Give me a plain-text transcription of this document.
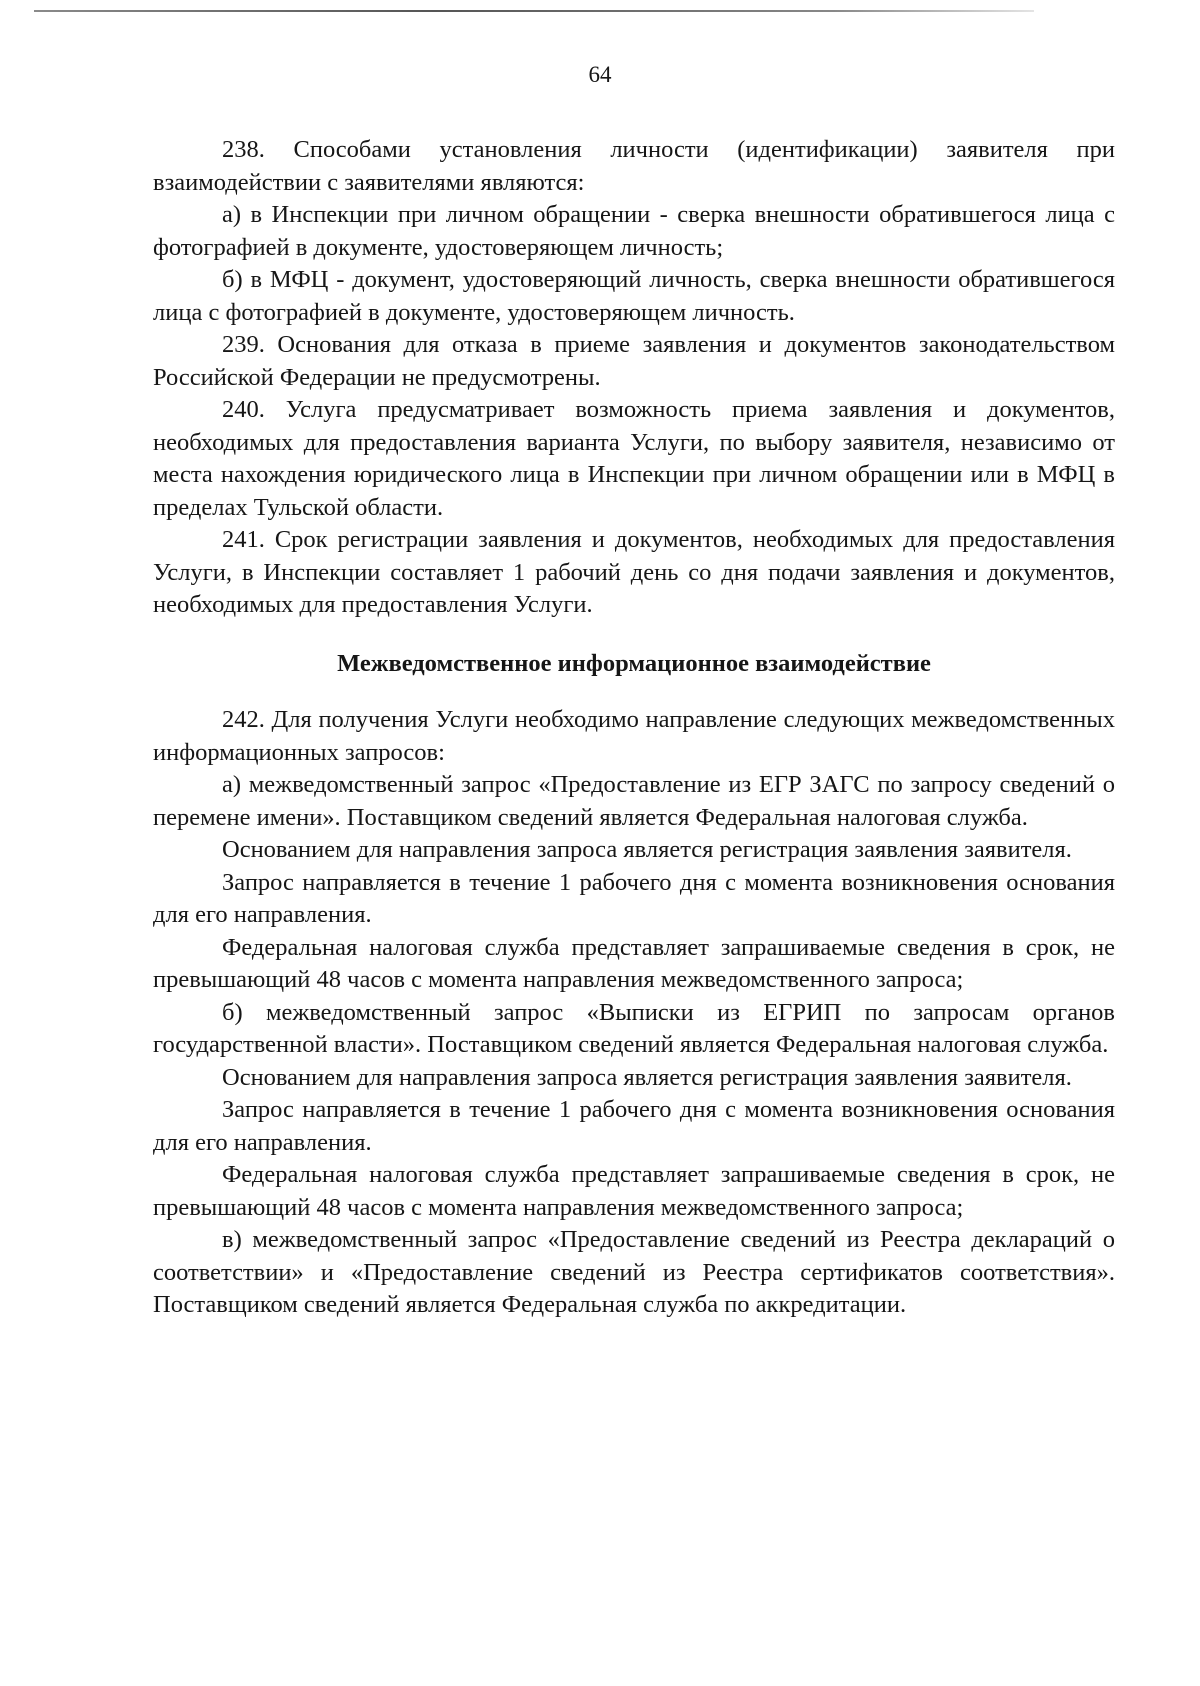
64

238. Способами установления личности (идентификации) заявителя при взаимодействии с заявителями являются:

а) в Инспекции при личном обращении - сверка внешности обратившегося лица с фотографией в документе, удостоверяющем личность;

б) в МФЦ - документ, удостоверяющий личность, сверка внешности обратившегося лица с фотографией в документе, удостоверяющем личность.

239. Основания для отказа в приеме заявления и документов законодательством Российской Федерации не предусмотрены.

240. Услуга предусматривает возможность приема заявления и документов, необходимых для предоставления варианта Услуги, по выбору заявителя, независимо от места нахождения юридического лица в Инспекции при личном обращении или в МФЦ в пределах Тульской области.

241. Срок регистрации заявления и документов, необходимых для предоставления Услуги, в Инспекции составляет 1 рабочий день со дня подачи заявления и документов, необходимых для предоставления Услуги.

Межведомственное информационное взаимодействие

242. Для получения Услуги необходимо направление следующих межведомственных информационных запросов:

а) межведомственный запрос «Предоставление из ЕГР ЗАГС по запросу сведений о перемене имени». Поставщиком сведений является Федеральная налоговая служба.

Основанием для направления запроса является регистрация заявления заявителя.

Запрос направляется в течение 1 рабочего дня с момента возникновения основания для его направления.

Федеральная налоговая служба представляет запрашиваемые сведения в срок, не превышающий 48 часов с момента направления межведомственного запроса;

б) межведомственный запрос «Выписки из ЕГРИП по запросам органов государственной власти». Поставщиком сведений является Федеральная налоговая служба.

Основанием для направления запроса является регистрация заявления заявителя.

Запрос направляется в течение 1 рабочего дня с момента возникновения основания для его направления.

Федеральная налоговая служба представляет запрашиваемые сведения в срок, не превышающий 48 часов с момента направления межведомственного запроса;

в) межведомственный запрос «Предоставление сведений из Реестра деклараций о соответствии» и «Предоставление сведений из Реестра сертификатов соответствия». Поставщиком сведений является Федеральная служба по аккредитации.
